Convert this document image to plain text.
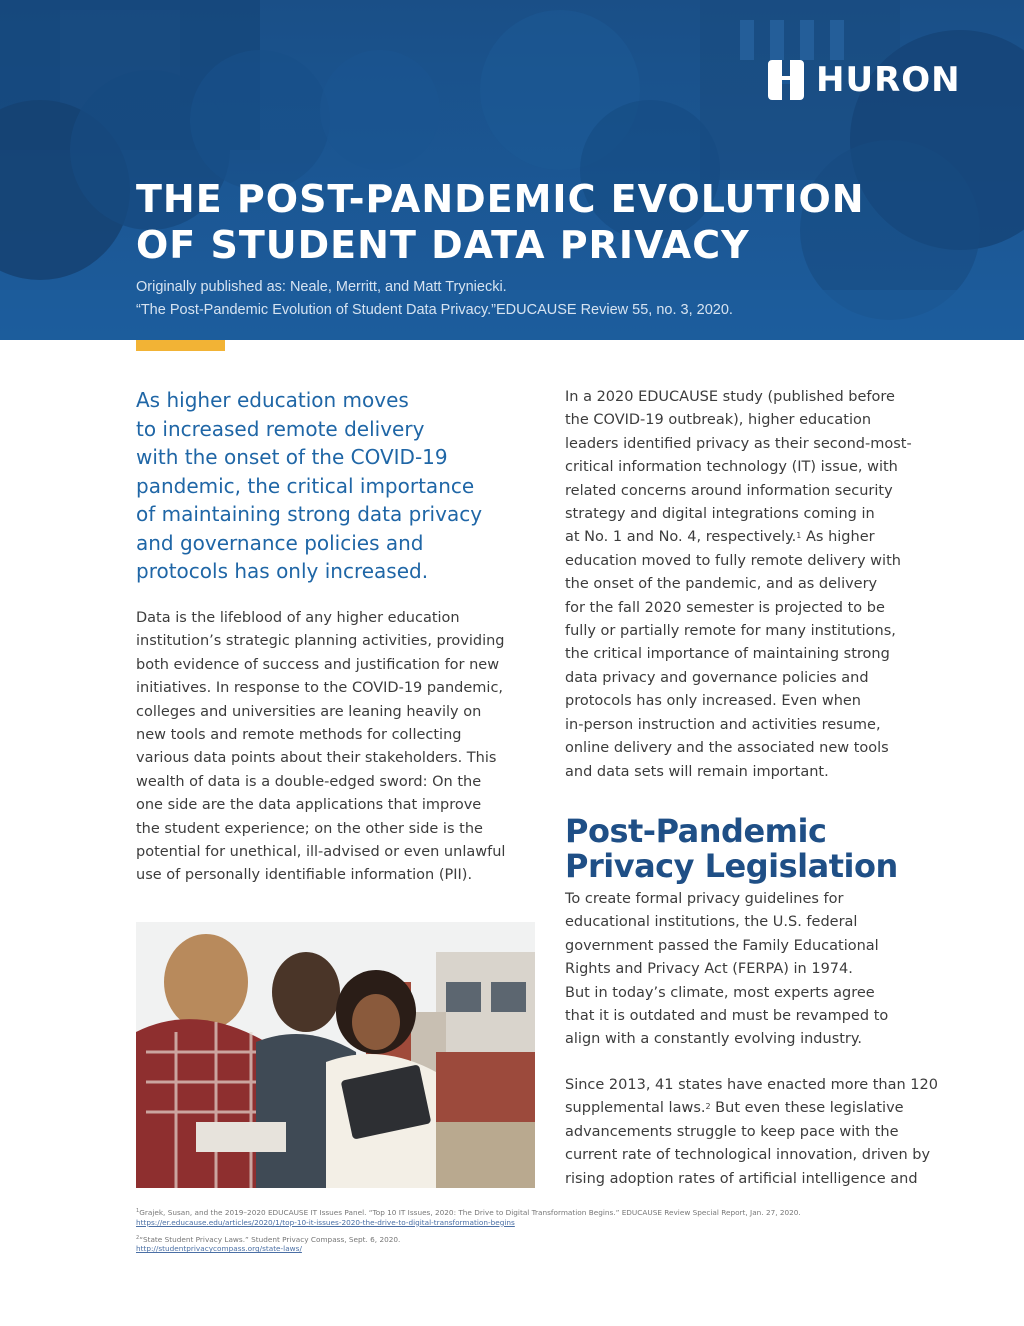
HURON
THE POST-PANDEMIC EVOLUTION
OF STUDENT DATA PRIVACY
Originally published as: Neale, Merritt, and Matt Tryniecki.
“The Post-Pandemic Evolution of Student Data Privacy.”EDUCAUSE Review 55, no. 3, 2020.
As higher education moves
to increased remote delivery
with the onset of the COVID-19
pandemic, the critical importance
of maintaining strong data privacy
and governance policies and
protocols has only increased.
Data is the lifeblood of any higher education
institution’s strategic planning activities, providing
both evidence of success and justification for new
initiatives. In response to the COVID-19 pandemic,
colleges and universities are leaning heavily on
new tools and remote methods for collecting
various data points about their stakeholders. This
wealth of data is a double-edged sword: On the
one side are the data applications that improve
the student experience; on the other side is the
potential for unethical, ill-advised or even unlawful
use of personally identifiable information (PII).
In a 2020 EDUCAUSE study (published before
the COVID-19 outbreak), higher education
leaders identified privacy as their second-most-
critical information technology (IT) issue, with
related concerns around information security
strategy and digital integrations coming in
at No. 1 and No. 4, respectively.$^1$ As higher
education moved to fully remote delivery with
the onset of the pandemic, and as delivery
for the fall 2020 semester is projected to be
fully or partially remote for many institutions,
the critical importance of maintaining strong
data privacy and governance policies and
protocols has only increased. Even when
in-person instruction and activities resume,
online delivery and the associated new tools
and data sets will remain important.
Post-Pandemic
Privacy Legislation
To create formal privacy guidelines for
educational institutions, the U.S. federal
government passed the Family Educational
Rights and Privacy Act (FERPA) in 1974.
But in today’s climate, most experts agree
that it is outdated and must be revamped to
align with a constantly evolving industry.
Since 2013, 41 states have enacted more than 120
supplemental laws.$^2$ But even these legislative
advancements struggle to keep pace with the
current rate of technological innovation, driven by
rising adoption rates of artificial intelligence and

$^1$Grajek, Susan, and the 2019–2020 EDUCAUSE IT Issues Panel. “Top 10 IT Issues, 2020: The Drive to Digital Transformation Begins.” EDUCAUSE Review Special Report, Jan. 27, 2020.
https://er.educause.edu/articles/2020/1/top-10-it-issues-2020-the-drive-to-digital-transformation-begins

$^2$“State Student Privacy Laws.” Student Privacy Compass, Sept. 6, 2020.
http://studentprivacycompass.org/state-laws/
